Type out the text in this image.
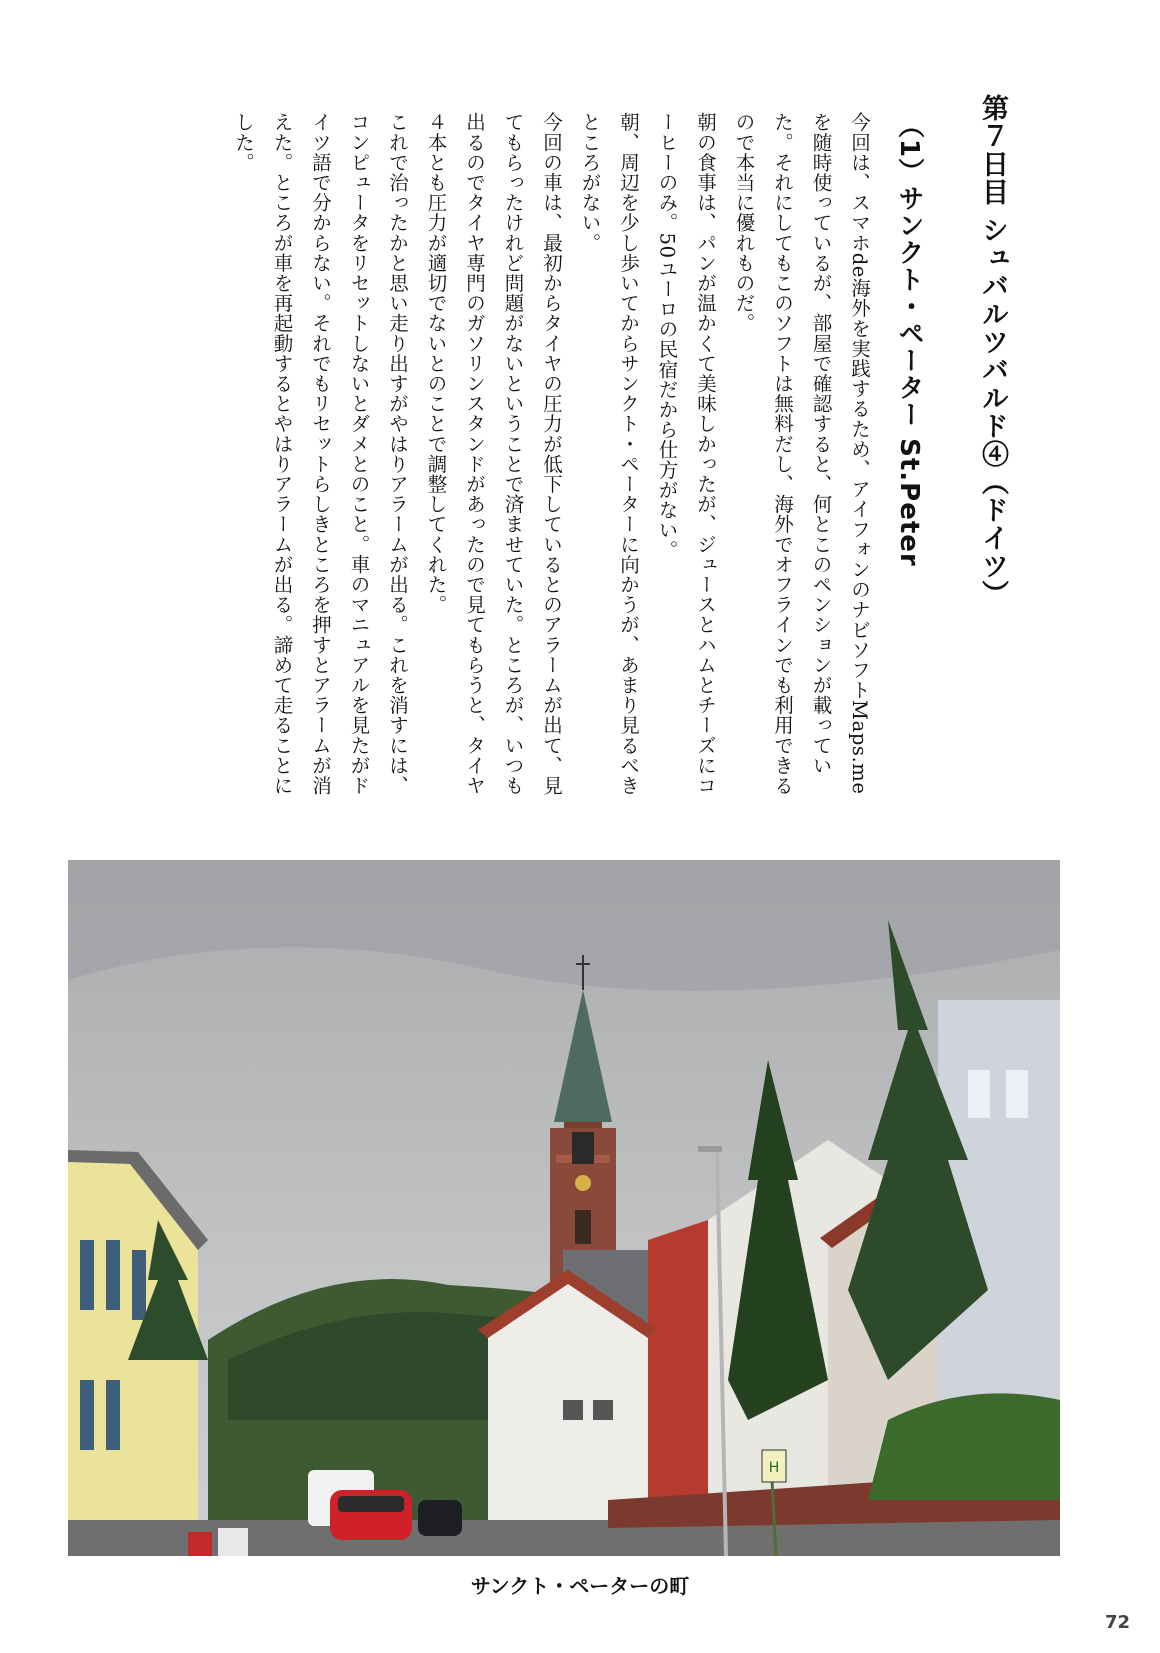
第７日目 シュバルツバルド④（ドイツ）
（1）サンクト・ペーター St.Peter

今回は、スマホde海外を実践するため、アイフォンのナビソフトMaps.meを随時使っているが、部屋で確認すると、何とこのペンションが載っていた。それにしてもこのソフトは無料だし、海外でオフラインでも利用できるので本当に優れものだ。

朝の食事は、パンが温かくて美味しかったが、ジュースとハムとチーズにコーヒーのみ。50ユーロの民宿だから仕方がない。

朝、周辺を少し歩いてからサンクト・ペーターに向かうが、あまり見るべきところがない。

今回の車は、最初からタイヤの圧力が低下しているとのアラームが出て、見てもらったけれど問題がないということで済ませていた。ところが、いつも出るのでタイヤ専門のガソリンスタンドがあったので見てもらうと、タイヤ４本とも圧力が適切でないとのことで調整してくれた。

これで治ったかと思い走り出すがやはりアラームが出る。これを消すには、コンピュータをリセットしないとダメとのこと。車のマニュアルを見たがドイツ語で分からない。それでもリセットらしきところを押すとアラームが消えた。ところが車を再起動するとやはりアラームが出る。諦めて走ることにした。

H
サンクト・ペーターの町
72
